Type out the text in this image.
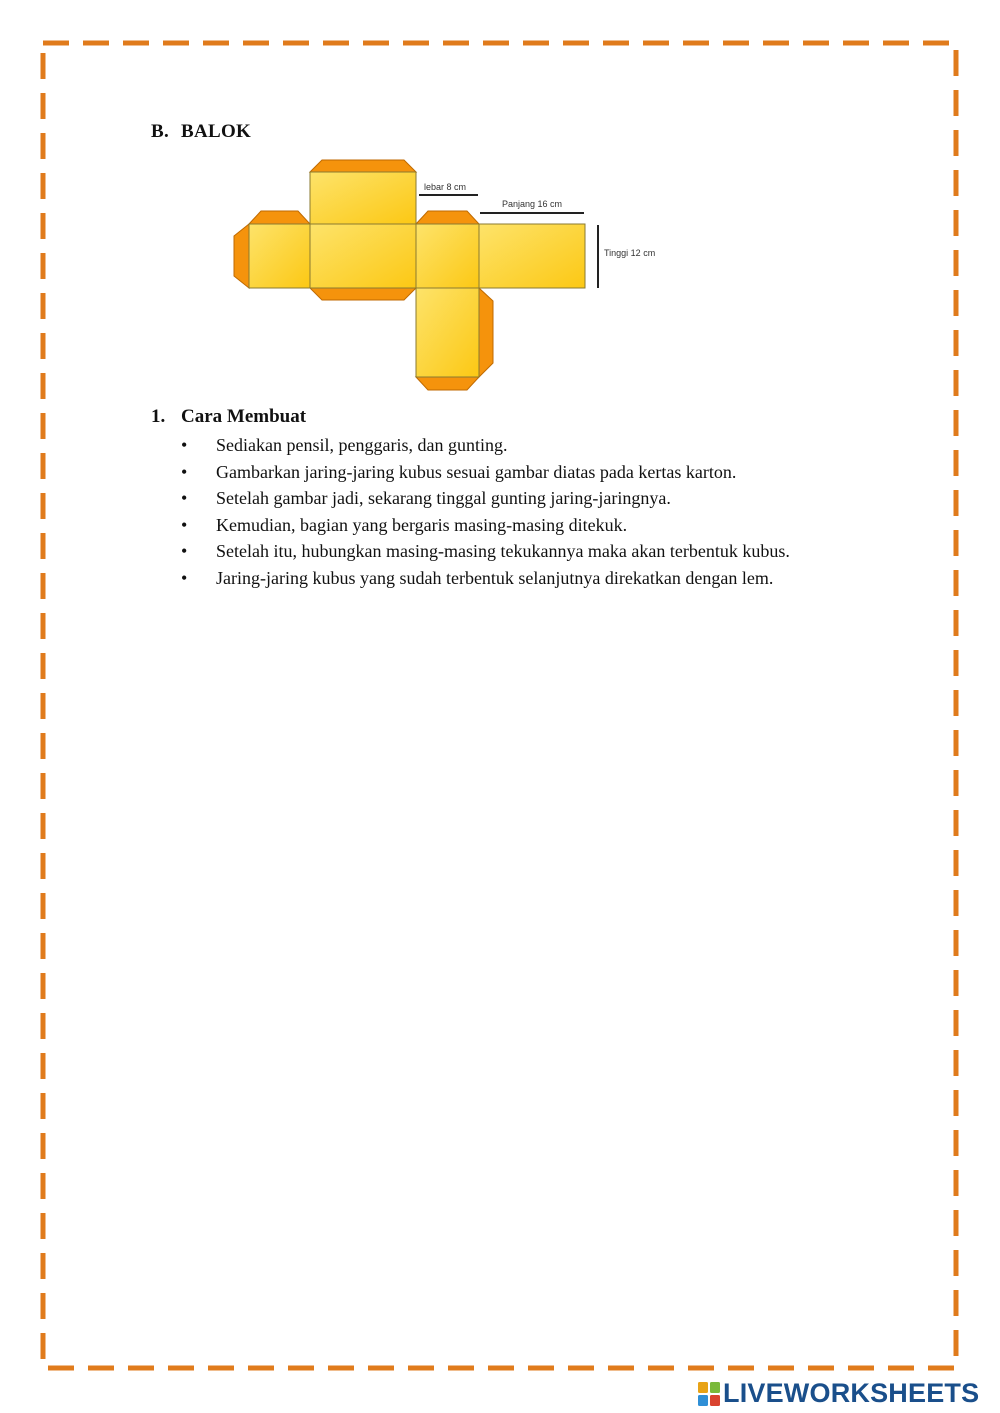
B. BALOK
lebar 8 cm
Panjang 16 cm
Tinggi 12 cm
1. Cara Membuat
• Sediakan pensil, penggaris, dan gunting.
• Gambarkan jaring-jaring kubus sesuai gambar diatas pada kertas karton.
• Setelah gambar jadi, sekarang tinggal gunting jaring-jaringnya.
• Kemudian, bagian yang bergaris masing-masing ditekuk.
• Setelah itu, hubungkan masing-masing tekukannya maka akan terbentuk kubus.
• Jaring-jaring kubus yang sudah terbentuk selanjutnya direkatkan dengan lem.
LIVEWORKSHEETS
